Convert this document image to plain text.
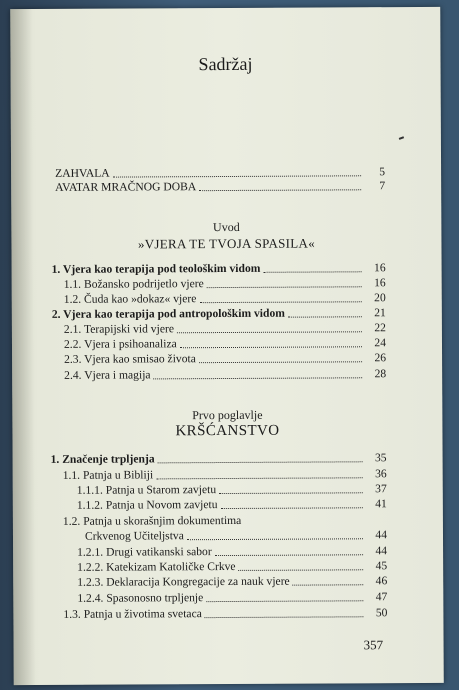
Sadržaj
ZAHVALA	5
AVATAR MRAČNOG DOBA	7
Uvod
»VJERA TE TVOJA SPASILA«
1. Vjera kao terapija pod teološkim vidom	16
1.1. Božansko podrijetlo vjere	16
1.2. Čuda kao »dokaz« vjere	20
2. Vjera kao terapija pod antropološkim vidom	21
2.1. Terapijski vid vjere	22
2.2. Vjera i psihoanaliza	24
2.3. Vjera kao smisao života	26
2.4. Vjera i magija	28
Prvo poglavlje
KRŠĆANSTVO
1. Značenje trpljenja	35
1.1. Patnja u Bibliji	36
1.1.1. Patnja u Starom zavjetu	37
1.1.2. Patnja u Novom zavjetu	41
1.2. Patnja u skorašnjim dokumentima
Crkvenog Učiteljstva	44
1.2.1. Drugi vatikanski sabor	44
1.2.2. Katekizam Katoličke Crkve	45
1.2.3. Deklaracija Kongregacije za nauk vjere	46
1.2.4. Spasonosno trpljenje	47
1.3. Patnja u životima svetaca	50
357
